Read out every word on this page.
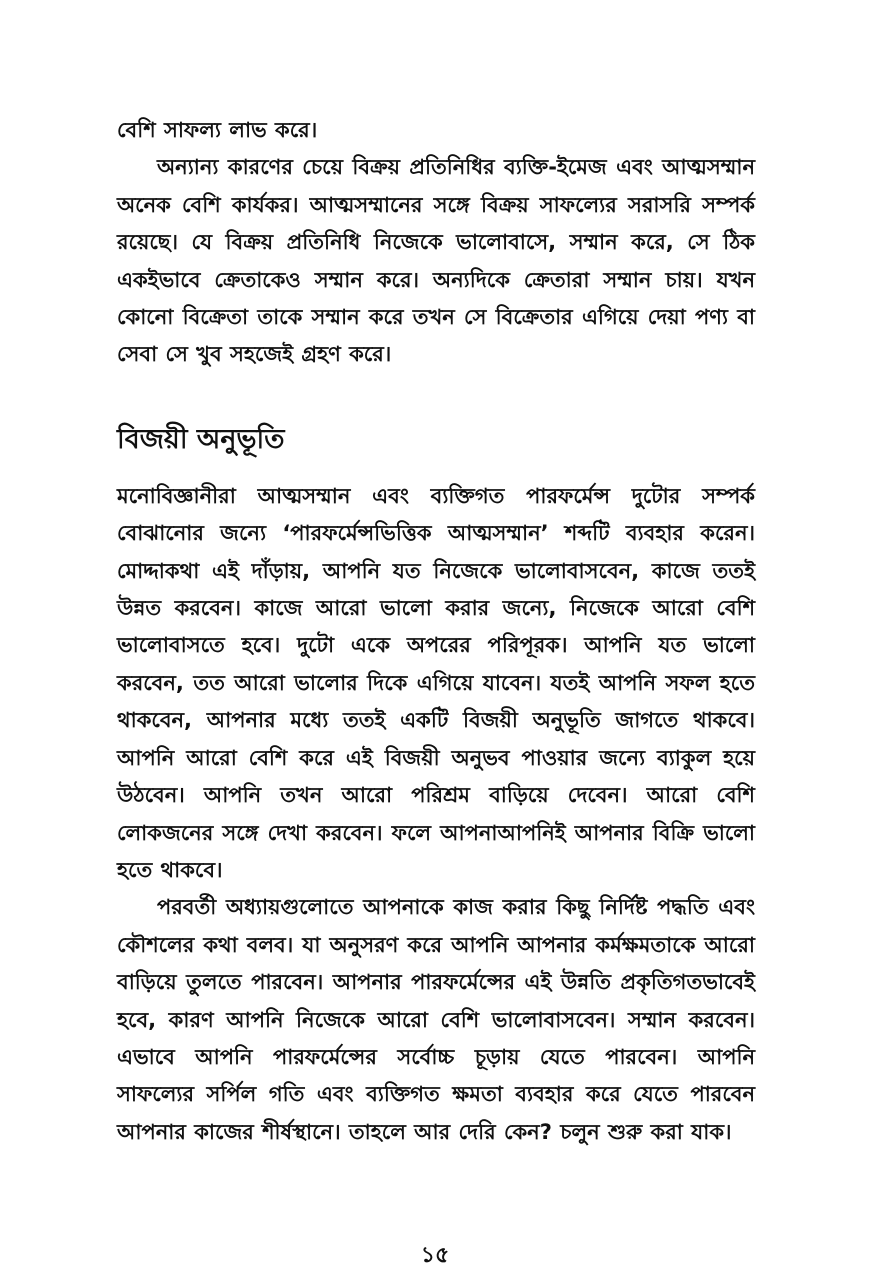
বেশি সাফল্য লাভ করে।

অন্যান্য কারণের চেয়ে বিক্রয় প্রতিনিধির ব্যক্তি-ইমেজ এবং আত্মসম্মান অনেক বেশি কার্যকর। আত্মসম্মানের সঙ্গে বিক্রয় সাফল্যের সরাসরি সম্পর্ক রয়েছে। যে বিক্রয় প্রতিনিধি নিজেকে ভালোবাসে, সম্মান করে, সে ঠিক একইভাবে ক্রেতাকেও সম্মান করে। অন্যদিকে ক্রেতারা সম্মান চায়। যখন কোনো বিক্রেতা তাকে সম্মান করে তখন সে বিক্রেতার এগিয়ে দেয়া পণ্য বা সেবা সে খুব সহজেই গ্রহণ করে।

বিজয়ী অনুভূতি

মনোবিজ্ঞানীরা আত্মসম্মান এবং ব্যক্তিগত পারফর্মেন্স দুটোর সম্পর্ক বোঝানোর জন্যে ‘পারফর্মেন্সভিত্তিক আত্মসম্মান’ শব্দটি ব্যবহার করেন। মোদ্দাকথা এই দাঁড়ায়, আপনি যত নিজেকে ভালোবাসবেন, কাজে ততই উন্নত করবেন। কাজে আরো ভালো করার জন্যে, নিজেকে আরো বেশি ভালোবাসতে হবে। দুটো একে অপরের পরিপূরক। আপনি যত ভালো করবেন, তত আরো ভালোর দিকে এগিয়ে যাবেন। যতই আপনি সফল হতে থাকবেন, আপনার মধ্যে ততই একটি বিজয়ী অনুভূতি জাগতে থাকবে। আপনি আরো বেশি করে এই বিজয়ী অনুভব পাওয়ার জন্যে ব্যাকুল হয়ে উঠবেন। আপনি তখন আরো পরিশ্রম বাড়িয়ে দেবেন। আরো বেশি লোকজনের সঙ্গে দেখা করবেন। ফলে আপনাআপনিই আপনার বিক্রি ভালো হতে থাকবে।

পরবর্তী অধ্যায়গুলোতে আপনাকে কাজ করার কিছু নির্দিষ্ট পদ্ধতি এবং কৌশলের কথা বলব। যা অনুসরণ করে আপনি আপনার কর্মক্ষমতাকে আরো বাড়িয়ে তুলতে পারবেন। আপনার পারফর্মেন্সের এই উন্নতি প্রকৃতিগতভাবেই হবে, কারণ আপনি নিজেকে আরো বেশি ভালোবাসবেন। সম্মান করবেন। এভাবে আপনি পারফর্মেন্সের সর্বোচ্চ চূড়ায় যেতে পারবেন। আপনি সাফল্যের সর্পিল গতি এবং ব্যক্তিগত ক্ষমতা ব্যবহার করে যেতে পারবেন আপনার কাজের শীর্ষস্থানে। তাহলে আর দেরি কেন? চলুন শুরু করা যাক।

১৫
